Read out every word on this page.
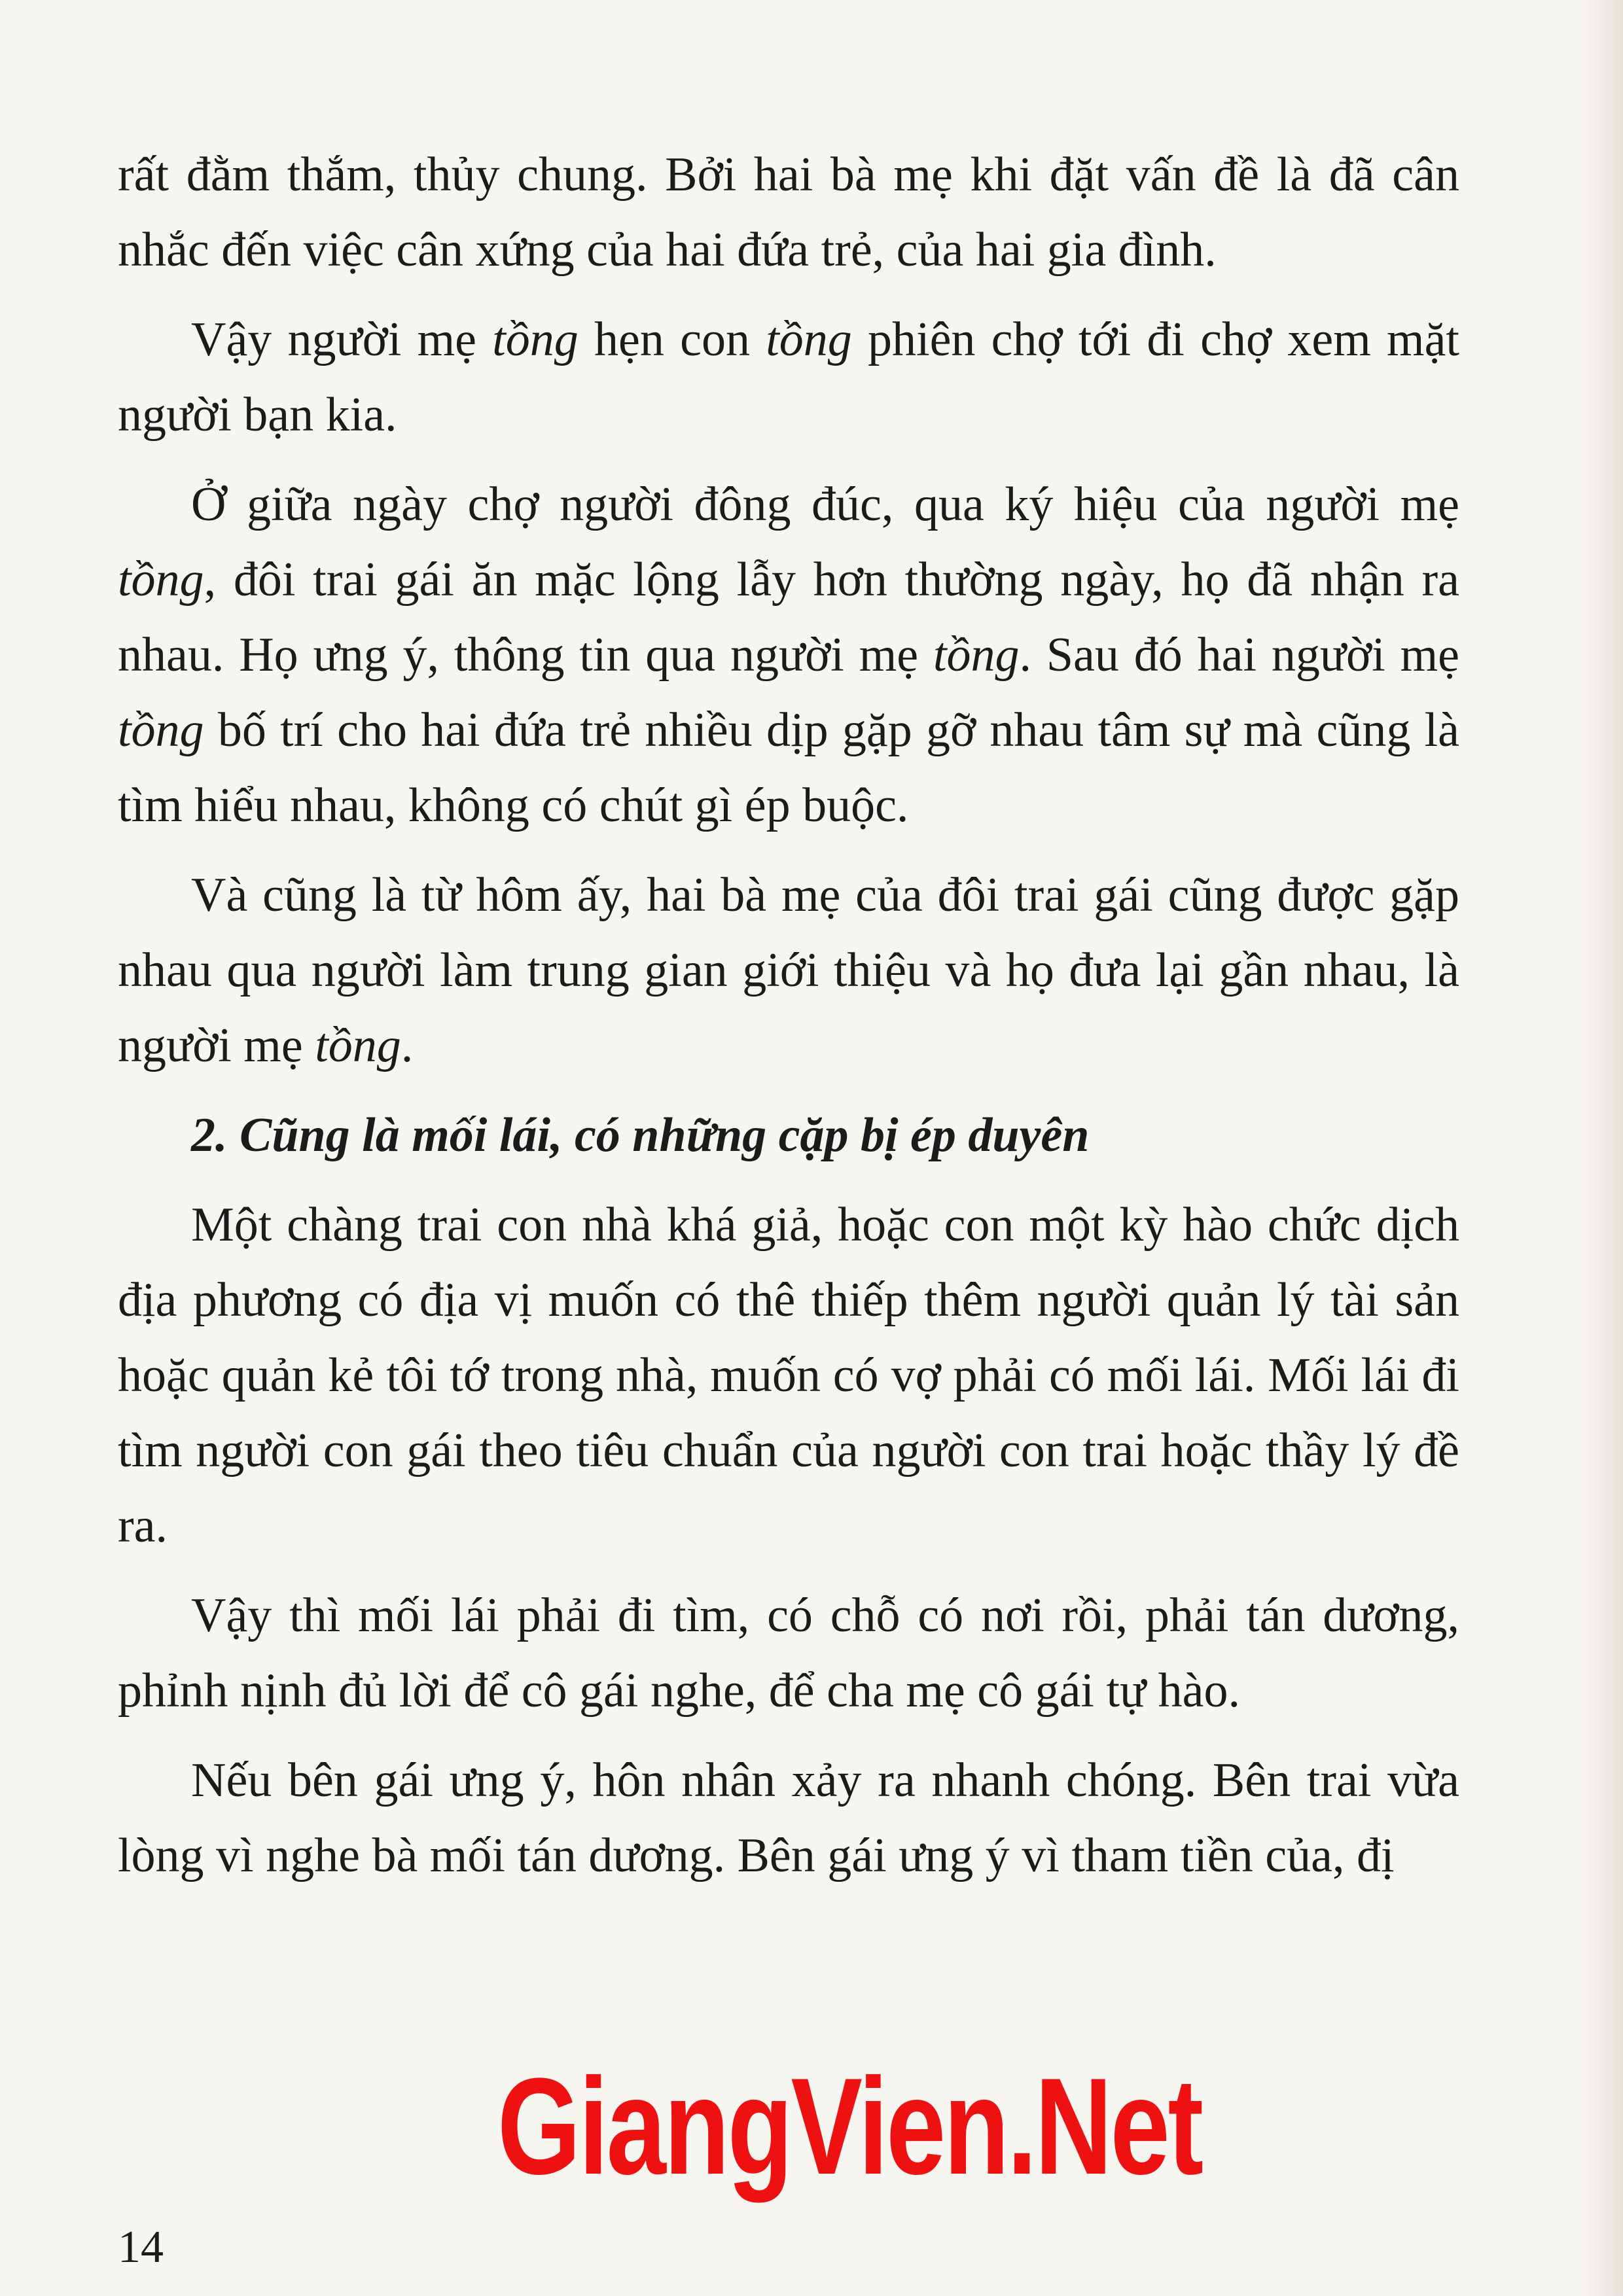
rất đằm thắm, thủy chung. Bởi hai bà mẹ khi đặt vấn đề là đã cân nhắc đến việc cân xứng của hai đứa trẻ, của hai gia đình.

Vậy người mẹ tồng hẹn con tồng phiên chợ tới đi chợ xem mặt người bạn kia.

Ở giữa ngày chợ người đông đúc, qua ký hiệu của người mẹ tồng, đôi trai gái ăn mặc lộng lẫy hơn thường ngày, họ đã nhận ra nhau. Họ ưng ý, thông tin qua người mẹ tồng. Sau đó hai người mẹ tồng bố trí cho hai đứa trẻ nhiều dịp gặp gỡ nhau tâm sự mà cũng là tìm hiểu nhau, không có chút gì ép buộc.

Và cũng là từ hôm ấy, hai bà mẹ của đôi trai gái cũng được gặp nhau qua người làm trung gian giới thiệu và họ đưa lại gần nhau, là người mẹ tồng.

2. Cũng là mối lái, có những cặp bị ép duyên

Một chàng trai con nhà khá giả, hoặc con một kỳ hào chức dịch địa phương có địa vị muốn có thê thiếp thêm người quản lý tài sản hoặc quản kẻ tôi tớ trong nhà, muốn có vợ phải có mối lái. Mối lái đi tìm người con gái theo tiêu chuẩn của người con trai hoặc thầy lý đề ra.

Vậy thì mối lái phải đi tìm, có chỗ có nơi rồi, phải tán dương, phỉnh nịnh đủ lời để cô gái nghe, để cha mẹ cô gái tự hào.

Nếu bên gái ưng ý, hôn nhân xảy ra nhanh chóng. Bên trai vừa lòng vì nghe bà mối tán dương. Bên gái ưng ý vì tham tiền của, đị

14
GiangVien.Net
